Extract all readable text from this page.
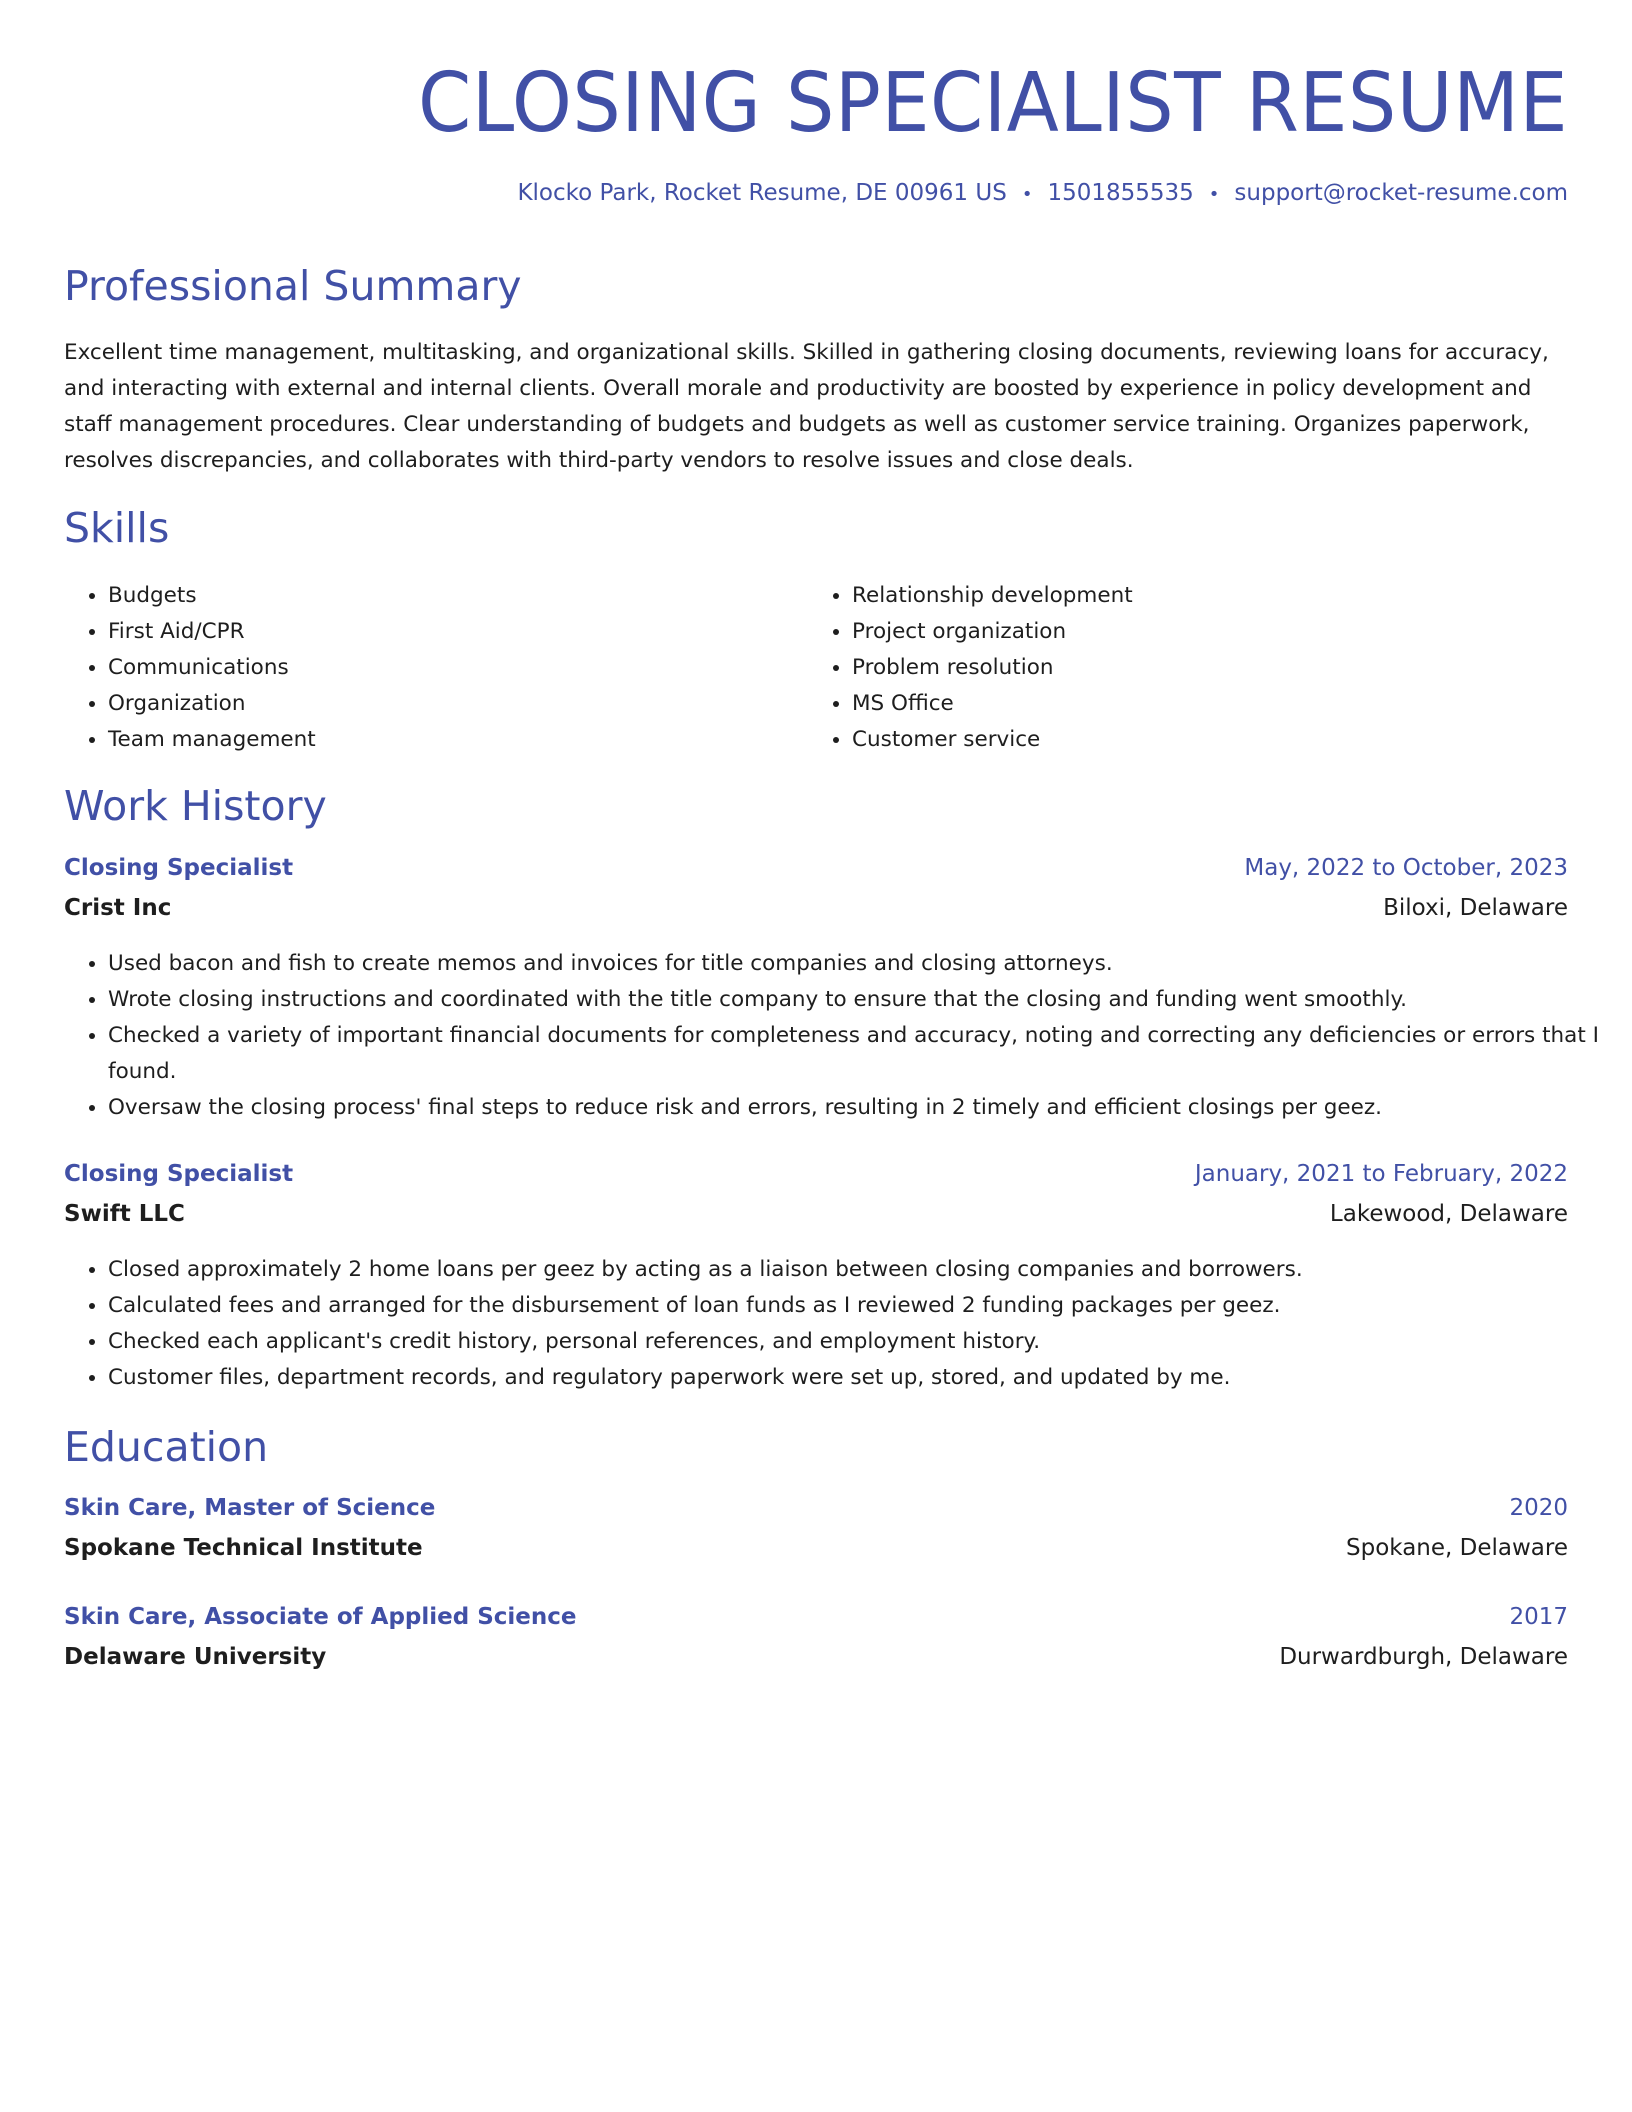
CLOSING SPECIALIST RESUME
Klocko Park, Rocket Resume, DE 00961 US • 1501855535 • support@rocket-resume.com
Professional Summary

Excellent time management, multitasking, and organizational skills. Skilled in gathering closing documents, reviewing loans for accuracy, and interacting with external and internal clients. Overall morale and productivity are boosted by experience in policy development and staff management procedures. Clear understanding of budgets and budgets as well as customer service training. Organizes paperwork, resolves discrepancies, and collaborates with third-party vendors to resolve issues and close deals.

Skills
• Budgets
• First Aid/CPR
• Communications
• Organization
• Team management
• Relationship development
• Project organization
• Problem resolution
• MS Office
• Customer service
Work History
Closing Specialist	May, 2022 to October, 2023
Crist Inc	Biloxi, Delaware
• Used bacon and fish to create memos and invoices for title companies and closing attorneys.
• Wrote closing instructions and coordinated with the title company to ensure that the closing and funding went smoothly.
• Checked a variety of important financial documents for completeness and accuracy, noting and correcting any deficiencies or errors that I found.
• Oversaw the closing process' final steps to reduce risk and errors, resulting in 2 timely and efficient closings per geez.
Closing Specialist	January, 2021 to February, 2022
Swift LLC	Lakewood, Delaware
• Closed approximately 2 home loans per geez by acting as a liaison between closing companies and borrowers.
• Calculated fees and arranged for the disbursement of loan funds as I reviewed 2 funding packages per geez.
• Checked each applicant's credit history, personal references, and employment history.
• Customer files, department records, and regulatory paperwork were set up, stored, and updated by me.
Education
Skin Care, Master of Science	2020
Spokane Technical Institute	Spokane, Delaware
Skin Care, Associate of Applied Science	2017
Delaware University	Durwardburgh, Delaware
